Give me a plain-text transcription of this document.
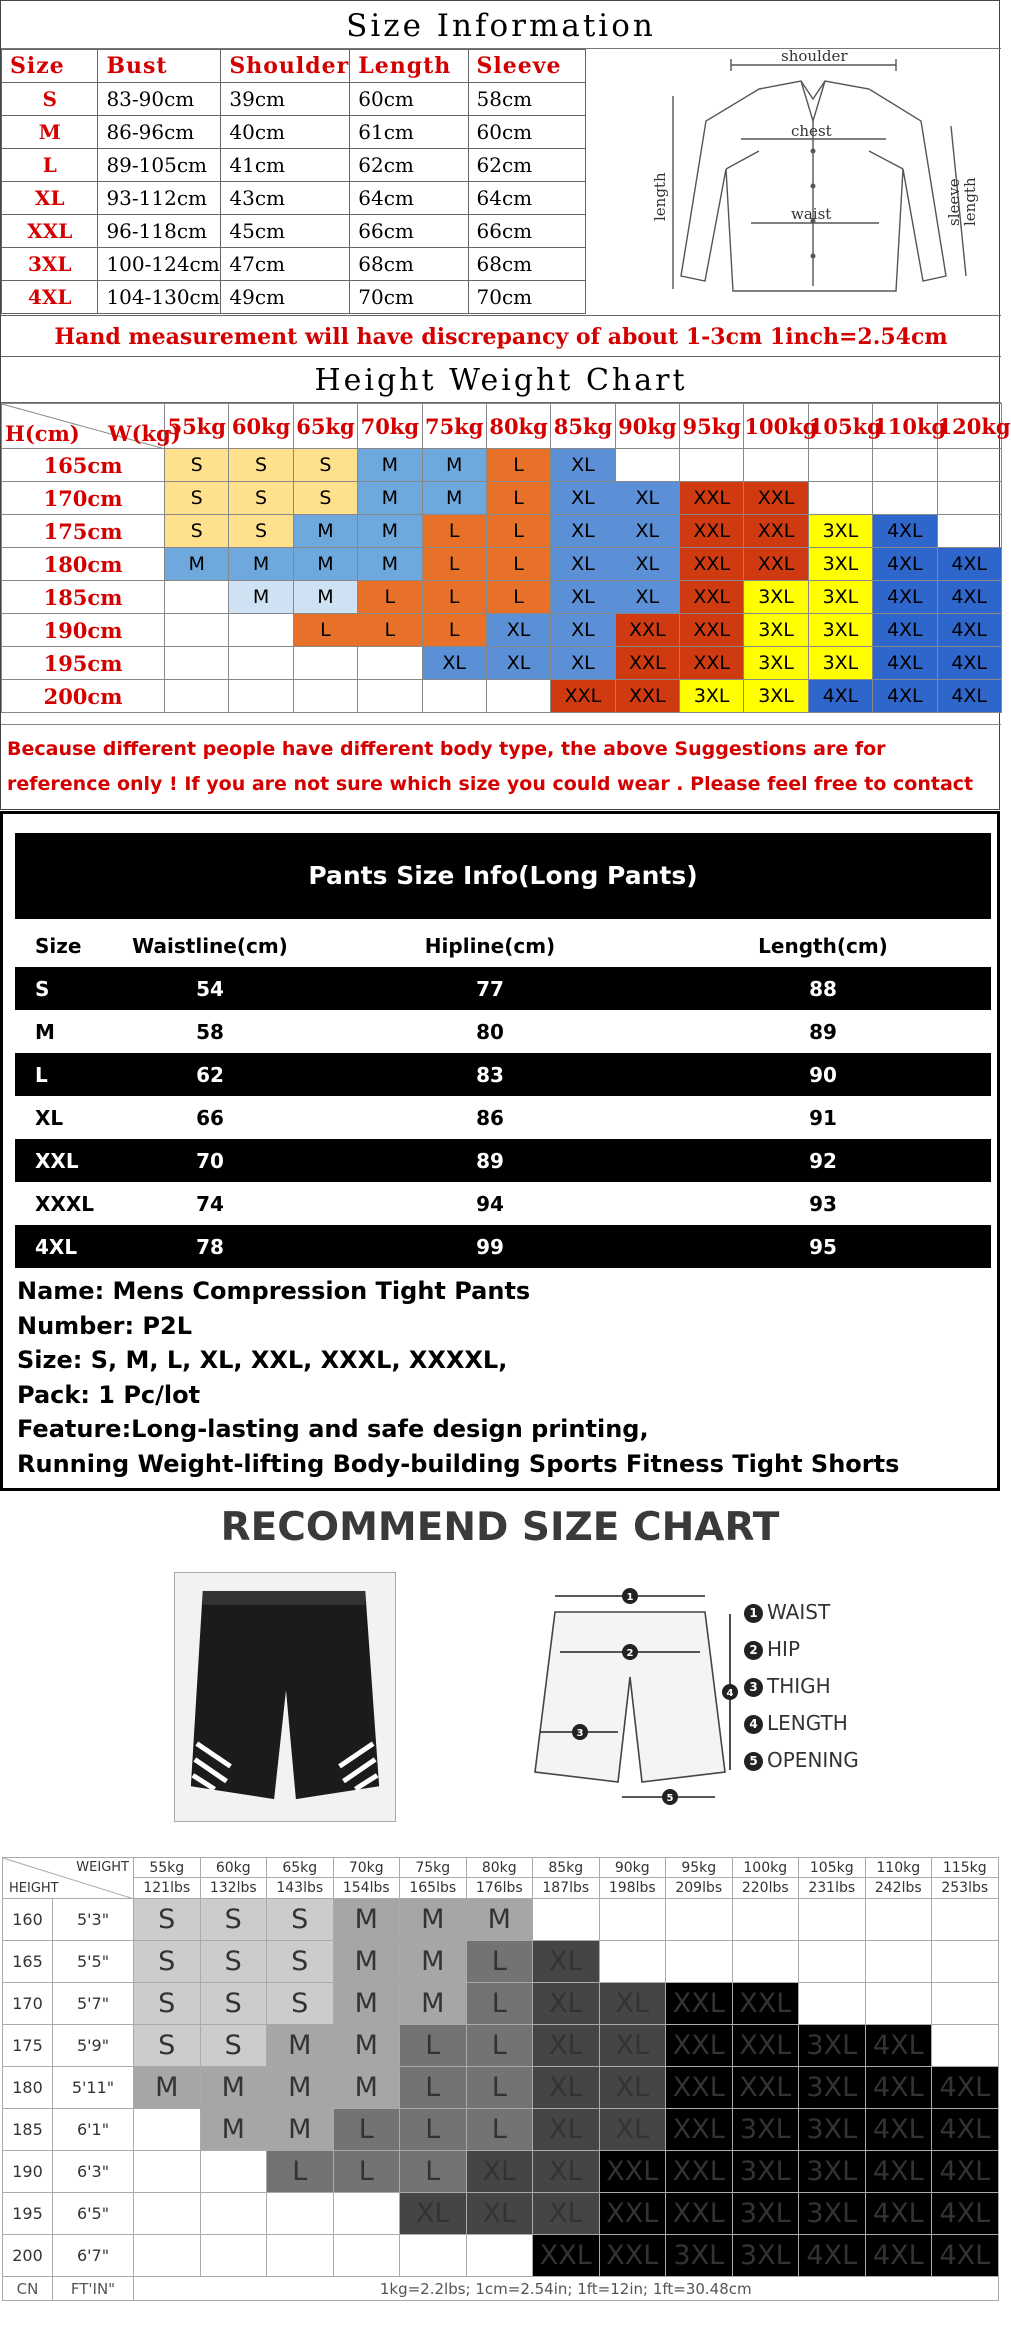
Size Information
Size	Bust	Shoulder	Length	Sleeve
S	83-90cm	39cm	60cm	58cm
M	86-96cm	40cm	61cm	60cm
L	89-105cm	41cm	62cm	62cm
XL	93-112cm	43cm	64cm	64cm
XXL	96-118cm	45cm	66cm	66cm
3XL	100-124cm	47cm	68cm	68cm
4XL	104-130cm	49cm	70cm	70cm
shoulder
chest
waist
length	sleeve
length
Hand measurement will have discrepancy of about 1-3cm 1inch=2.54cm
Height Weight Chart
H(cm) W(kg)	55kg	60kg	65kg	70kg	75kg	80kg	85kg	90kg	95kg	100kg	105kg	110kg	120kg
165cm	S	S	S	M	M	L	XL						
170cm	S	S	S	M	M	L	XL	XL	XXL	XXL			
175cm	S	S	M	M	L	L	XL	XL	XXL	XXL	3XL	4XL	
180cm	M	M	M	M	L	L	XL	XL	XXL	XXL	3XL	4XL	4XL
185cm		M	M	L	L	L	XL	XL	XXL	3XL	3XL	4XL	4XL
190cm			L	L	L	XL	XL	XXL	XXL	3XL	3XL	4XL	4XL
195cm					XL	XL	XL	XXL	XXL	3XL	3XL	4XL	4XL
200cm							XXL	XXL	3XL	3XL	4XL	4XL	4XL
Because different people have different body type, the above Suggestions are for reference only ! If you are not sure which size you could wear . Please feel free to contact
Pants Size Info(Long Pants)
Size	Waistline(cm)	Hipline(cm)	Length(cm)
S	54	77	88
M	58	80	89
L	62	83	90
XL	66	86	91
XXL	70	89	92
XXXL	74	94	93
4XL	78	99	95
Name: Mens Compression Tight Pants
Number: P2L
Size: S, M, L, XL, XXL, XXXL, XXXXL,
Pack: 1 Pc/lot
Feature:Long-lasting and safe design printing,
Running Weight-lifting Body-building Sports Fitness Tight Shorts
RECOMMEND SIZE CHART
1
2
3
4
5
1 WAIST
2 HIP
3 THIGH
4 LENGTH
5 OPENING
WEIGHT
HEIGHT		55kg	60kg	65kg	70kg	75kg	80kg	85kg	90kg	95kg	100kg	105kg	110kg	115kg
		121lbs	132lbs	143lbs	154lbs	165lbs	176lbs	187lbs	198lbs	209lbs	220lbs	231lbs	242lbs	253lbs
160	5'3"	S	S	S	M	M	M							
165	5'5"	S	S	S	M	M	L	XL						
170	5'7"	S	S	S	M	M	L	XL	XL	XXL	XXL			
175	5'9"	S	S	M	M	L	L	XL	XL	XXL	XXL	3XL	4XL	
180	5'11"	M	M	M	M	L	L	XL	XL	XXL	XXL	3XL	4XL	4XL
185	6'1"		M	M	L	L	L	XL	XL	XXL	3XL	3XL	4XL	4XL
190	6'3"			L	L	L	XL	XL	XXL	XXL	3XL	3XL	4XL	4XL
195	6'5"					XL	XL	XL	XXL	XXL	3XL	3XL	4XL	4XL
200	6'7"							XXL	XXL	3XL	3XL	4XL	4XL	4XL
CN	FT'IN"	1kg=2.2lbs; 1cm=2.54in; 1ft=12in; 1ft=30.48cm												
